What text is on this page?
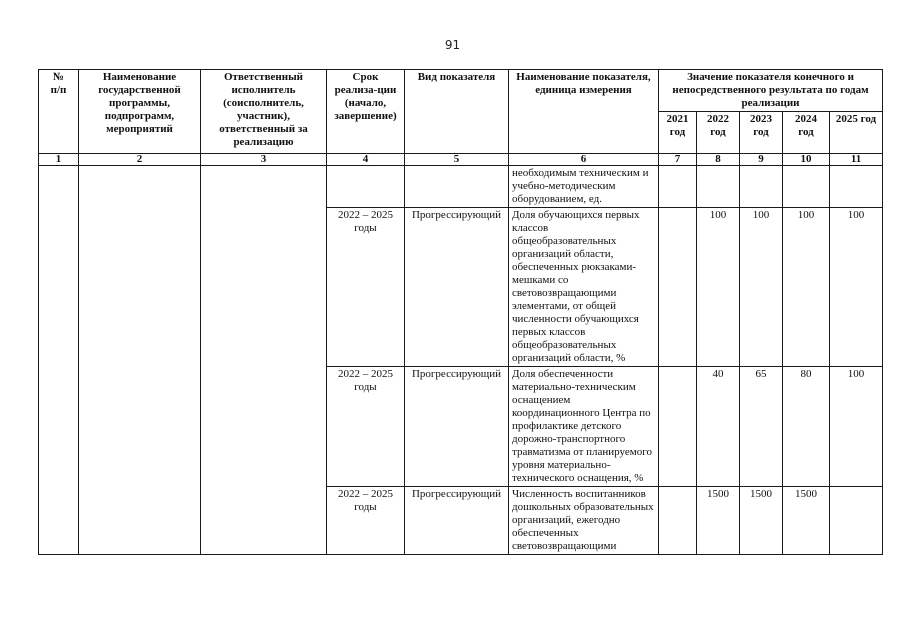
91
№
п/п	Наименование государственной программы, подпрограмм, мероприятий	Ответственный исполнитель (соисполнитель, участник), ответственный за реализацию	Срок реализа-ции (начало, завершение)	Вид показателя	Наименование показателя, единица измерения	Значение показателя конечного и непосредственного результата по годам реализации				
						2021 год	2022 год	2023 год	2024 год	2025 год
1	2	3	4	5	6	7	8	9	10	11
					необходимым техническим и учебно-методическим оборудованием, ед.					
			2022 – 2025 годы	Прогрессирующий	Доля обучающихся первых классов общеобразовательных организаций области, обеспеченных рюкзаками-мешками со световозвращающими элементами, от общей численности обучающихся первых классов общеобразовательных организаций области, %		100	100	100	100
			2022 – 2025 годы	Прогрессирующий	Доля обеспеченности материально-техническим оснащением координационного Центра по профилактике детского дорожно-транспортного травматизма от планируемого уровня материально-технического оснащения, %		40	65	80	100
			2022 – 2025 годы	Прогрессирующий	Численность воспитанников дошкольных образовательных организаций, ежегодно обеспеченных световозвращающими		1500	1500	1500	
